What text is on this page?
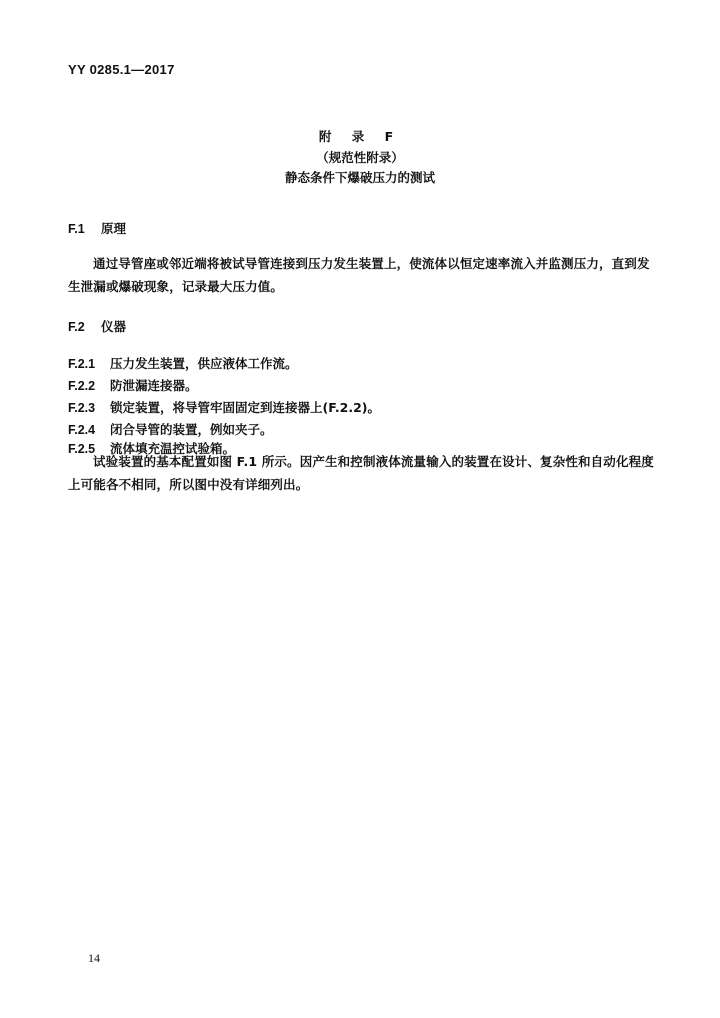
YY 0285.1—2017
附 录 F
（规范性附录）
静态条件下爆破压力的测试
F.1 原理
通过导管座或邻近端将被试导管连接到压力发生装置上，使流体以恒定速率流入并监测压力，直到发生泄漏或爆破现象，记录最大压力值。
F.2 仪器
F.2.1 压力发生装置，供应液体工作流。
F.2.2 防泄漏连接器。
F.2.3 锁定装置，将导管牢固固定到连接器上(F.2.2)。
F.2.4 闭合导管的装置，例如夹子。
F.2.5 流体填充温控试验箱。
试验装置的基本配置如图 F.1 所示。因产生和控制液体流量输入的装置在设计、复杂性和自动化程度上可能各不相同，所以图中没有详细列出。
14
